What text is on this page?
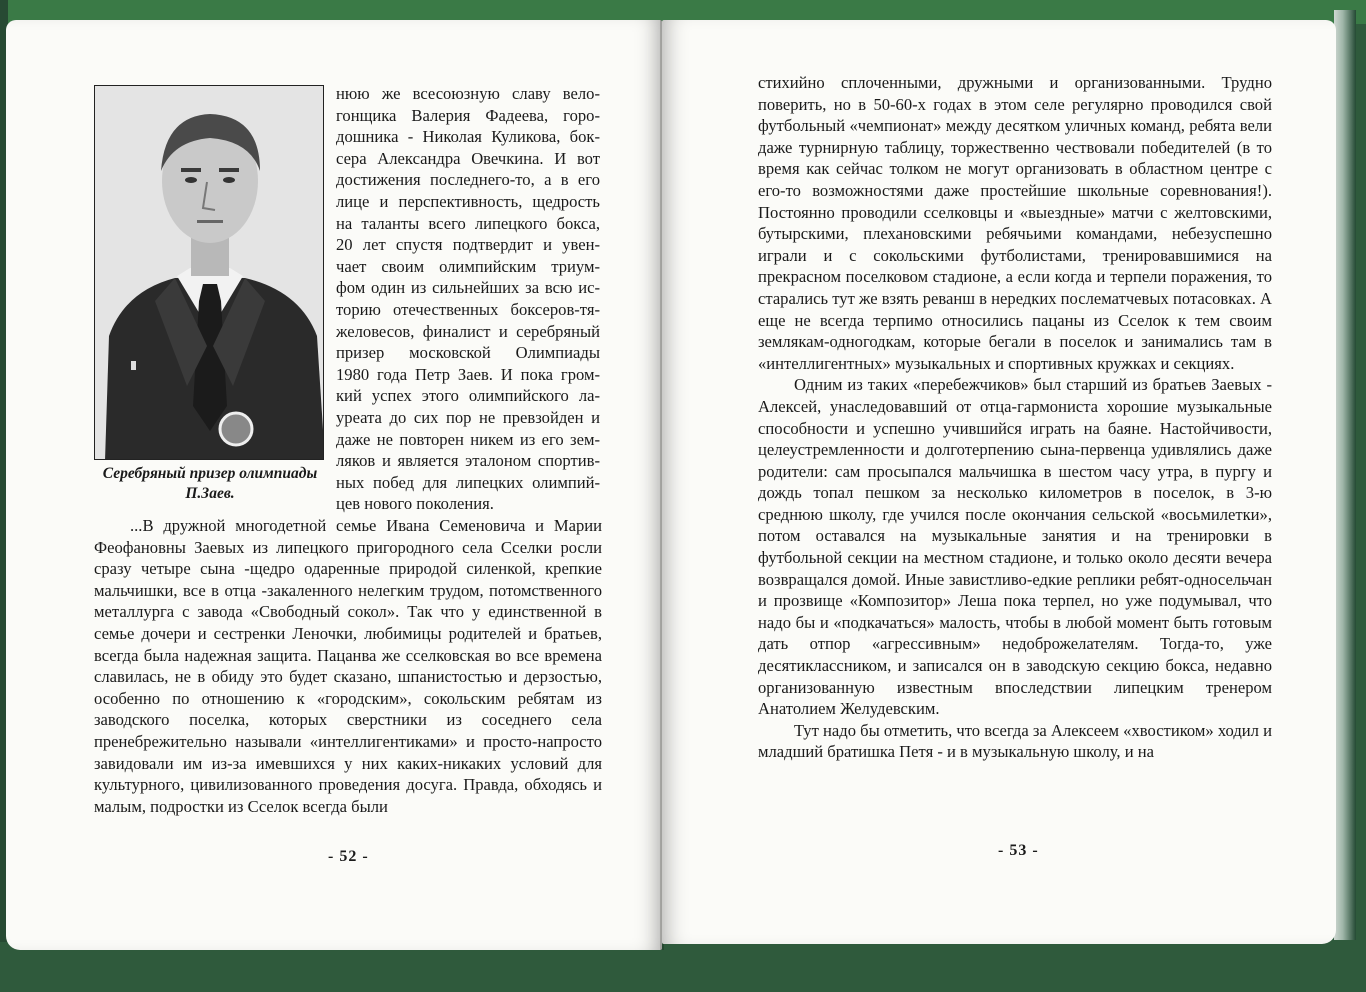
Серебряный призер олимпиады
П.Заев.

нюю же всесоюзную славу вело-

гонщика Валерия Фадеева, горо-

дошника - Николая Куликова, бок-

сера Александра Овечкина. И вот

достижения последнего-то, а в его

лице и перспективность, щедрость

на таланты всего липецкого бокса,

20 лет спустя подтвердит и увен-

чает своим олимпийским триум-

фом один из сильнейших за всю ис-

торию отечественных боксеров-тя-

желовесов, финалист и серебряный

призер московской Олимпиады

1980 года Петр Заев. И пока гром-

кий успех этого олимпийского ла-

уреата до сих пор не превзойден и

даже не повторен никем из его зем-

ляков и является эталоном спортив-

ных побед для липецких олимпий-

цев нового поколения.

...В дружной многодетной семье Ивана Семеновича и Марии Феофановны Заевых из липецкого пригородного села Сселки росли сразу четыре сына -щедро одаренные природой силенкой, крепкие мальчишки, все в отца -закаленного нелегким трудом, потомственного металлурга с завода «Свободный сокол». Так что у единственной в семье дочери и сестренки Леночки, любимицы родителей и братьев, всегда была надежная защита. Пацанва же сселковская во все времена славилась, не в обиду это будет сказано, шпанистостью и дерзостью, особенно по отношению к «городским», сокольским ребятам из заводского поселка, которых сверстники из соседнего села пренебрежительно называли «интеллигентиками» и просто-напросто завидовали им из-за имевшихся у них каких-никаких условий для культурного, цивилизованного проведения досуга. Правда, обходясь и малым, подростки из Сселок всегда были

- 52 -

стихийно сплоченными, дружными и организованными. Трудно поверить, но в 50-60-х годах в этом селе регулярно проводился свой футбольный «чемпионат» между десятком уличных команд, ребята вели даже турнирную таблицу, торжественно чествовали победителей (в то время как сейчас толком не могут организовать в областном центре с его-то возможностями даже простейшие школьные соревнования!). Постоянно проводили сселковцы и «выездные» матчи с желтовскими, бутырскими, плехановскими ребячьими командами, небезуспешно играли и с сокольскими футболистами, тренировавшимися на прекрасном поселковом стадионе, а если когда и терпели поражения, то старались тут же взять реванш в нередких послематчевых потасовках. А еще не всегда терпимо относились пацаны из Сселок к тем своим землякам-одногодкам, которые бегали в поселок и занимались там в «интеллигентных» музыкальных и спортивных кружках и секциях.

Одним из таких «перебежчиков» был старший из братьев Заевых - Алексей, унаследовавший от отца-гармониста хорошие музыкальные способности и успешно учившийся играть на баяне. Настойчивости, целеустремленности и долготерпению сына-первенца удивлялись даже родители: сам просыпался мальчишка в шестом часу утра, в пургу и дождь топал пешком за несколько километров в поселок, в 3-ю среднюю школу, где учился после окончания сельской «восьмилетки», потом оставался на музыкальные занятия и на тренировки в футбольной секции на местном стадионе, и только около десяти вечера возвращался домой. Иные завистливо-едкие реплики ребят-односельчан и прозвище «Композитор» Леша пока терпел, но уже подумывал, что надо бы и «подкачаться» малость, чтобы в любой момент быть готовым дать отпор «агрессивным» недоброжелателям. Тогда-то, уже десятиклассником, и записался он в заводскую секцию бокса, недавно организованную известным впоследствии липецким тренером Анатолием Желудевским.

Тут надо бы отметить, что всегда за Алексеем «хвостиком» ходил и младший братишка Петя - и в музыкальную школу, и на

- 53 -
